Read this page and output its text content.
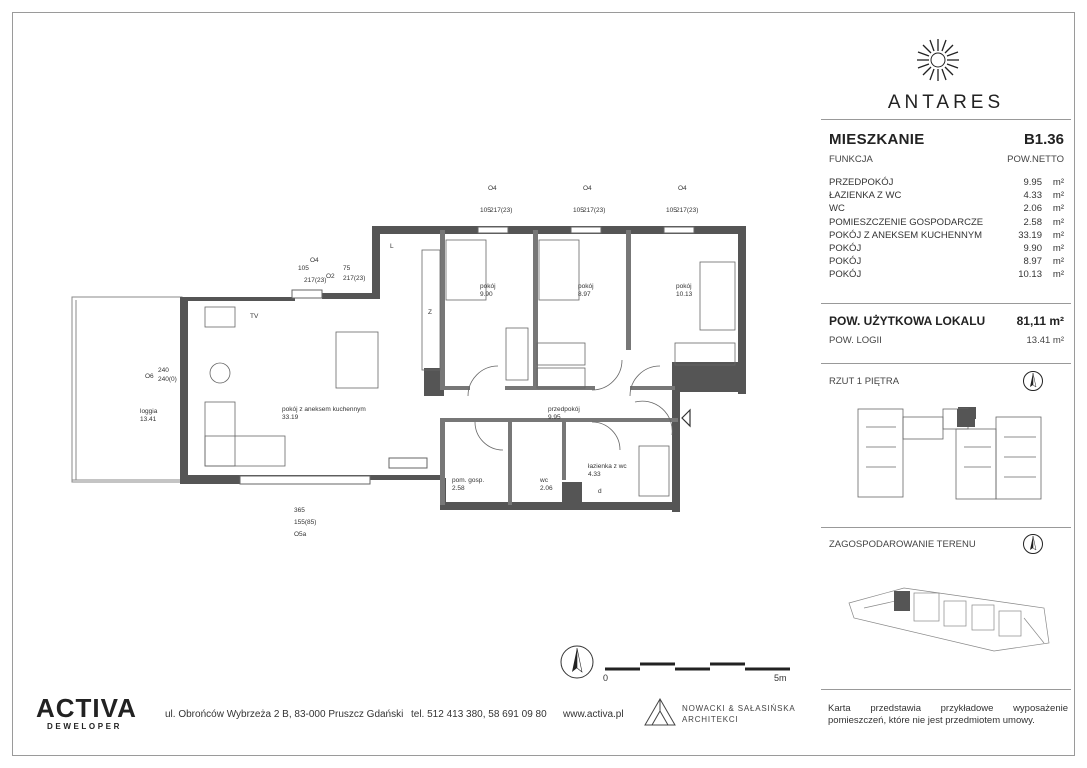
loggia
13.41
pokój z aneksem kuchennym
33.19
pokój
9.90
pokój
8.97
pokój
10.13
przedpokój
9.95
pom. gosp.
2.58
wc
2.06
łazienka z wc
4.33
TV
L
Z
d
O4
105
217(23)
O2
75
217(23)
O4
105 217(23)
O4
105 217(23)
O4
105 217(23)
O6
240
240(0)
365
155(85)
O5a
0	5m
ANTARES
MIESZKANIE	B1.36
FUNKCJA	POW.NETTO
PRZEDPOKÓJ	9.95	m²
ŁAZIENKA Z WC	4.33	m²
WC	2.06	m²
POMIESZCZENIE GOSPODARCZE	2.58	m²
POKÓJ Z ANEKSEM KUCHENNYM	33.19	m²
POKÓJ	9.90	m²
POKÓJ	8.97	m²
POKÓJ	10.13	m²
POW. UŻYTKOWA LOKALU	81,11 m²
POW. LOGII	13.41 m²
RZUT 1 PIĘTRA
ZAGOSPODAROWANIE TERENU
Karta przedstawia przykładowe wyposażenie pomieszczeń, które nie jest przedmiotem umowy.
ACTIVA
DEWELOPER
ul. Obrońców Wybrzeża 2 B, 83-000 Pruszcz Gdański tel. 512 413 380, 58 691 09 80 www.activa.pl
NOWACKI & SAŁASIŃSKA
ARCHITEKCI
